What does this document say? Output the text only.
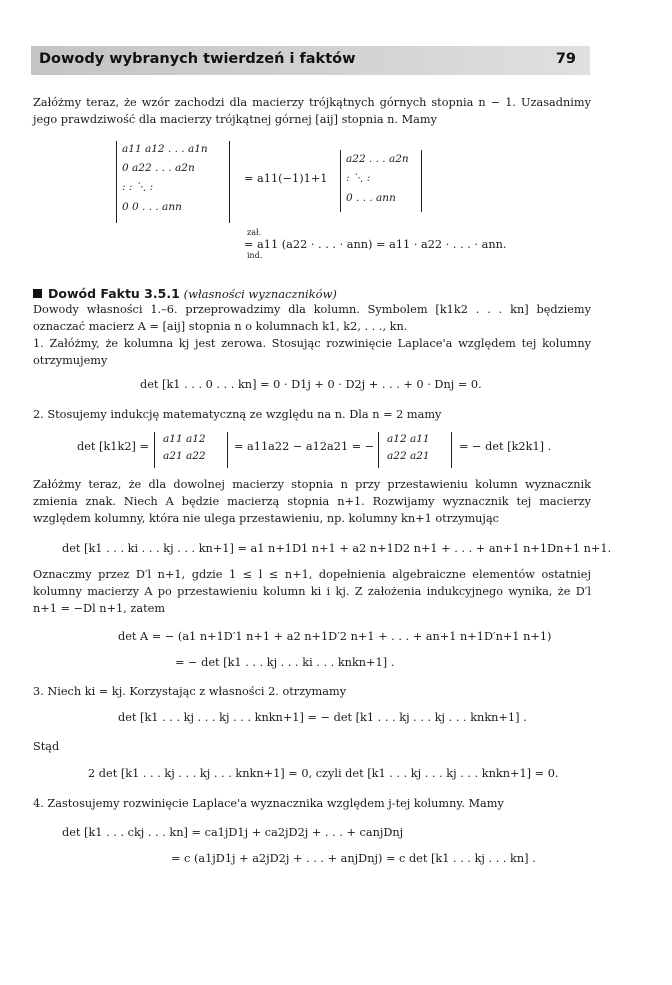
Dowody wybranych twierdzeń i faktów	79
Załóżmy teraz, że wzór zachodzi dla macierzy trójkątnych górnych stopnia n − 1. Uzasadnimy jego prawdziwość dla macierzy trójkątnej górnej [aij] stopnia n. Mamy
a11 a12 . . . a1n
0 a22 . . . a2n
: : ⋱ :
0 0 . . . ann
= a11(−1)1+1
a22 . . . a2n
: ⋱ :
0 . . . ann
zał.
= a11 (a22 · . . . · ann) = a11 · a22 · . . . · ann.
ind.
Dowód Faktu 3.5.1 (własności wyznaczników)
Dowody własności 1.–6. przeprowadzimy dla kolumn. Symbolem [k1k2 . . . kn] będziemy oznaczać macierz A = [aij] stopnia n o kolumnach k1, k2, . . ., kn.
1. Załóżmy, że kolumna kj jest zerowa. Stosując rozwinięcie Laplace'a względem tej kolumny otrzymujemy
det [k1 . . . 0 . . . kn] = 0 · D1j + 0 · D2j + . . . + 0 · Dnj = 0.
2. Stosujemy indukcję matematyczną ze względu na n. Dla n = 2 mamy
det [k1k2] =
a11 a12
a21 a22
= a11a22 − a12a21 = −
a12 a11
a22 a21
= − det [k2k1] .
Załóżmy teraz, że dla dowolnej macierzy stopnia n przy przestawieniu kolumn wyznacznik zmienia znak. Niech A będzie macierzą stopnia n+1. Rozwijamy wyznacznik tej macierzy względem kolumny, która nie ulega przestawieniu, np. kolumny kn+1 otrzymując
det [k1 . . . ki . . . kj . . . kn+1] = a1 n+1D1 n+1 + a2 n+1D2 n+1 + . . . + an+1 n+1Dn+1 n+1.
Oznaczmy przez D′l n+1, gdzie 1 ≤ l ≤ n+1, dopełnienia algebraiczne elementów ostatniej kolumny macierzy A po przestawieniu kolumn ki i kj. Z założenia indukcyjnego wynika, że D′l n+1 = −Dl n+1, zatem
det A = − (a1 n+1D′1 n+1 + a2 n+1D′2 n+1 + . . . + an+1 n+1D′n+1 n+1)
= − det [k1 . . . kj . . . ki . . . knkn+1] .
3. Niech ki = kj. Korzystając z własności 2. otrzymamy
det [k1 . . . kj . . . kj . . . knkn+1] = − det [k1 . . . kj . . . kj . . . knkn+1] .
Stąd
2 det [k1 . . . kj . . . kj . . . knkn+1] = 0, czyli det [k1 . . . kj . . . kj . . . knkn+1] = 0.
4. Zastosujemy rozwinięcie Laplace'a wyznacznika względem j-tej kolumny. Mamy
det [k1 . . . ckj . . . kn] = ca1jD1j + ca2jD2j + . . . + canjDnj
= c (a1jD1j + a2jD2j + . . . + anjDnj) = c det [k1 . . . kj . . . kn] .
